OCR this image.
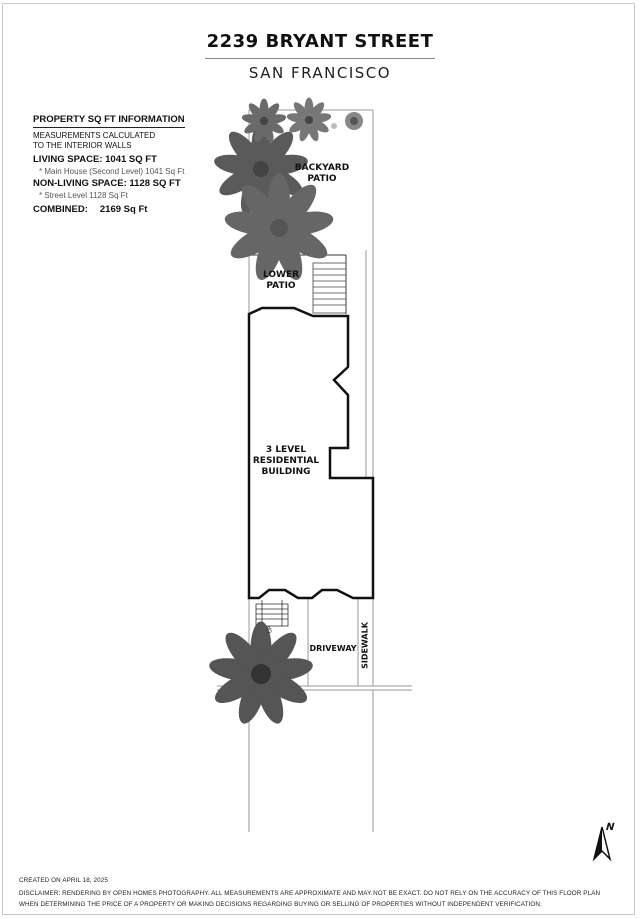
2239 BRYANT STREET
SAN FRANCISCO
PROPERTY SQ FT INFORMATION
MEASUREMENTS CALCULATED
TO THE INTERIOR WALLS
LIVING SPACE: 1041 SQ FT
* Main House (Second Level) 1041 Sq Ft
NON-LIVING SPACE: 1128 SQ FT
* Street Level 1128 Sq Ft
COMBINED: 2169 Sq Ft
BACKYARD
PATIO
LOWER
PATIO
3 LEVEL
RESIDENTIAL
BUILDING
DRIVEWAY SIDEWALK
UP
N
CREATED ON APRIL 18, 2025
DISCLAIMER: RENDERING BY OPEN HOMES PHOTOGRAPHY. ALL MEASUREMENTS ARE APPROXIMATE AND MAY NOT BE EXACT. DO NOT RELY ON THE ACCURACY OF THIS FLOOR PLAN
WHEN DETERMINING THE PRICE OF A PROPERTY OR MAKING DECISIONS REGARDING BUYING OR SELLING OF PROPERTIES WITHOUT INDEPENDENT VERIFICATION.
